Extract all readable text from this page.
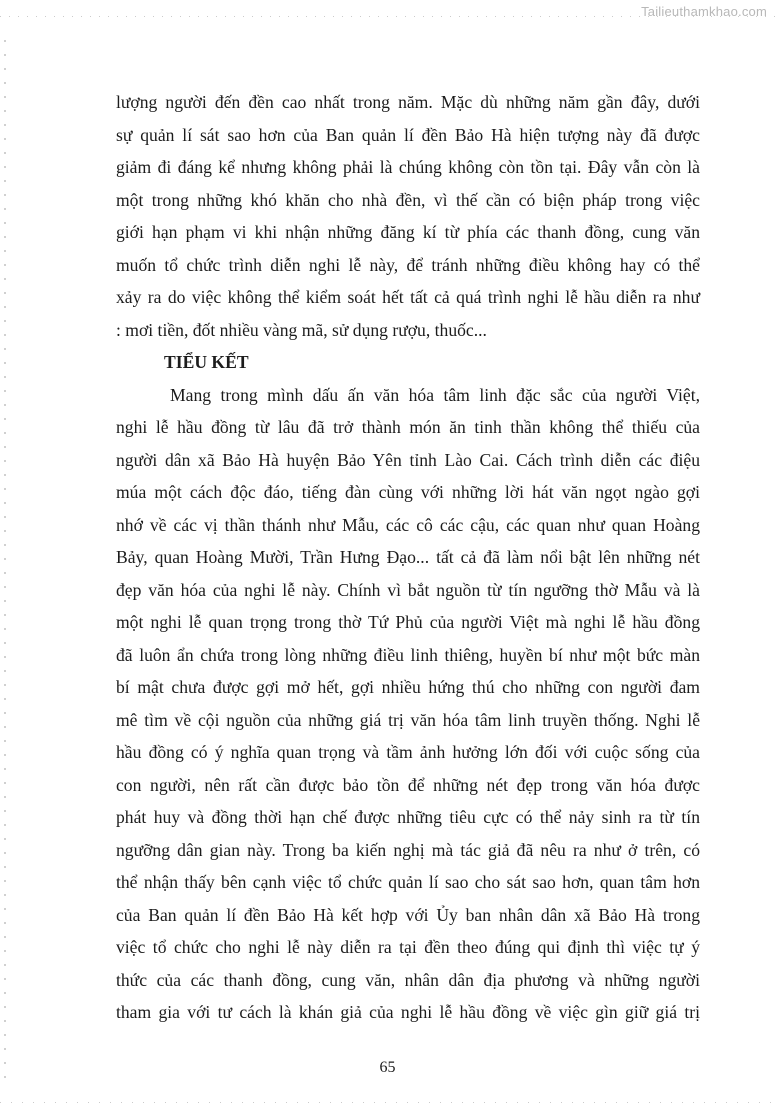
Tailieuthamkhao.com
lượng người đến đền cao nhất trong năm. Mặc dù những năm gần đây, dưới
sự quản lí sát sao hơn của Ban quản lí đền Bảo Hà hiện tượng này đã được
giảm đi đáng kể nhưng không phải là chúng không còn tồn tại. Đây vẫn còn là
một trong những khó khăn cho nhà đền, vì thế cần có biện pháp trong việc
giới hạn phạm vi khi nhận những đăng kí từ phía các thanh đồng, cung văn
muốn tổ chức trình diễn nghi lễ này, để tránh những điều không hay có thể
xảy ra do việc không thể kiểm soát hết tất cả quá trình nghi lễ hầu diễn ra như
: mơi tiền, đốt nhiều vàng mã, sử dụng rượu, thuốc...
TIỂU KẾT
Mang trong mình dấu ấn văn hóa tâm linh đặc sắc của người Việt,
nghi lễ hầu đồng từ lâu đã trở thành món ăn tinh thần không thể thiếu của
người dân xã Bảo Hà huyện Bảo Yên tỉnh Lào Cai. Cách trình diễn các điệu
múa một cách độc đáo, tiếng đàn cùng với những lời hát văn ngọt ngào gợi
nhớ về các vị thần thánh như Mẫu, các cô các cậu, các quan như quan Hoàng
Bảy, quan Hoàng Mười, Trần Hưng Đạo... tất cả đã làm nổi bật lên những nét
đẹp văn hóa của nghi lễ này. Chính vì bắt nguồn từ tín ngưỡng thờ Mẫu và là
một nghi lễ quan trọng trong thờ Tứ Phủ của người Việt mà nghi lễ hầu đồng
đã luôn ẩn chứa trong lòng những điều linh thiêng, huyền bí như một bức màn
bí mật chưa được gợi mở hết, gợi nhiều hứng thú cho những con người đam
mê tìm về cội nguồn của những giá trị văn hóa tâm linh truyền thống. Nghi lễ
hầu đồng có ý nghĩa quan trọng và tầm ảnh hưởng lớn đối với cuộc sống của
con người, nên rất cần được bảo tồn để những nét đẹp trong văn hóa được
phát huy và đồng thời hạn chế được những tiêu cực có thể nảy sinh ra từ tín
ngưỡng dân gian này. Trong ba kiến nghị mà tác giả đã nêu ra như ở trên, có
thể nhận thấy bên cạnh việc tổ chức quản lí sao cho sát sao hơn, quan tâm hơn
của Ban quản lí đền Bảo Hà kết hợp với Ủy ban nhân dân xã Bảo Hà trong
việc tổ chức cho nghi lễ này diễn ra tại đền theo đúng qui định thì việc tự ý
thức của các thanh đồng, cung văn, nhân dân địa phương và những người
tham gia với tư cách là khán giả của nghi lễ hầu đồng về việc gìn giữ giá trị
65
